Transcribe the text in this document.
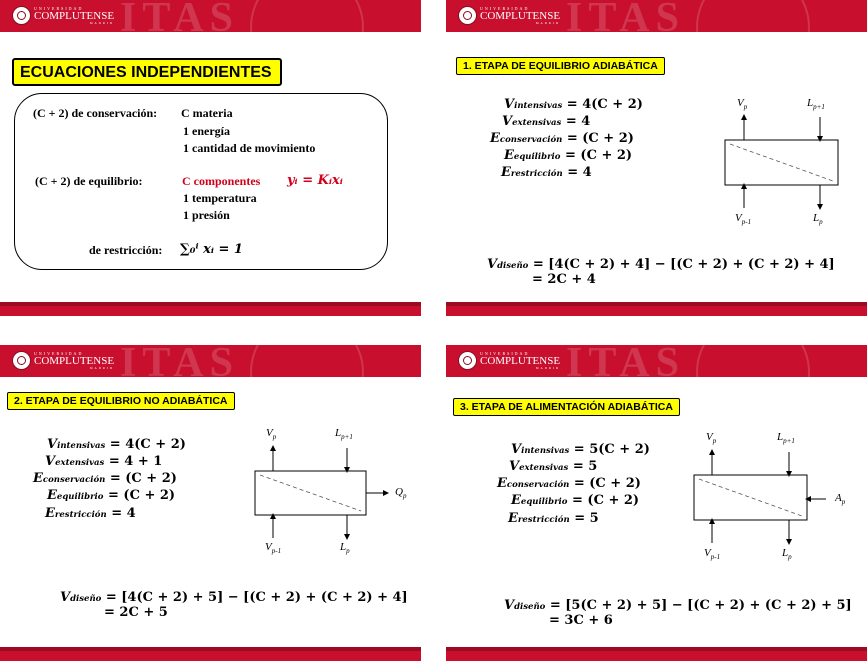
ITAS
UNIVERSIDAD
COMPLUTENSE
MADRID
ECUACIONES INDEPENDIENTES
(C + 2) de conservación: C materia
1 energía
1 cantidad de movimiento
(C + 2) de equilibrio:	C componentes yᵢ = Kᵢxᵢ
1 temperatura
1 presión
de restricción: ∑₀ⁱ xᵢ = 1
ITAS
UNIVERSIDAD
COMPLUTENSE
MADRID
1. ETAPA DE EQUILIBRIO ADIABÁTICA
Vintensivas = 4(C + 2)
Vextensivas = 4
Econservación = (C + 2)
Eequilibrio = (C + 2)
Erestricción = 4
$V_p$	$L_{p+1}$
$V_{p-1}$	$L_p$
Vdiseño = [4(C + 2) + 4] − [(C + 2) + (C + 2) + 4]
= 2C + 4
ITAS
UNIVERSIDAD
COMPLUTENSE
MADRID
2. ETAPA DE EQUILIBRIO NO ADIABÁTICA
Vintensivas = 4(C + 2)
Vextensivas = 4 + 1
Econservación = (C + 2)
Eequilibrio = (C + 2)
Erestricción = 4
$V_p$	$L_{p+1}$
$Q_p$
$V_{p-1}$	$L_p$
Vdiseño = [4(C + 2) + 5] − [(C + 2) + (C + 2) + 4]
= 2C + 5
ITAS
UNIVERSIDAD
COMPLUTENSE
MADRID
3. ETAPA DE ALIMENTACIÓN ADIABÁTICA
Vintensivas = 5(C + 2)
Vextensivas = 5
Econservación = (C + 2)
Eequilibrio = (C + 2)
Erestricción = 5
$V_p$	$L_{p+1}$
$A_p$
$V_{p-1}$	$L_p$
Vdiseño = [5(C + 2) + 5] − [(C + 2) + (C + 2) + 5]
= 3C + 6
